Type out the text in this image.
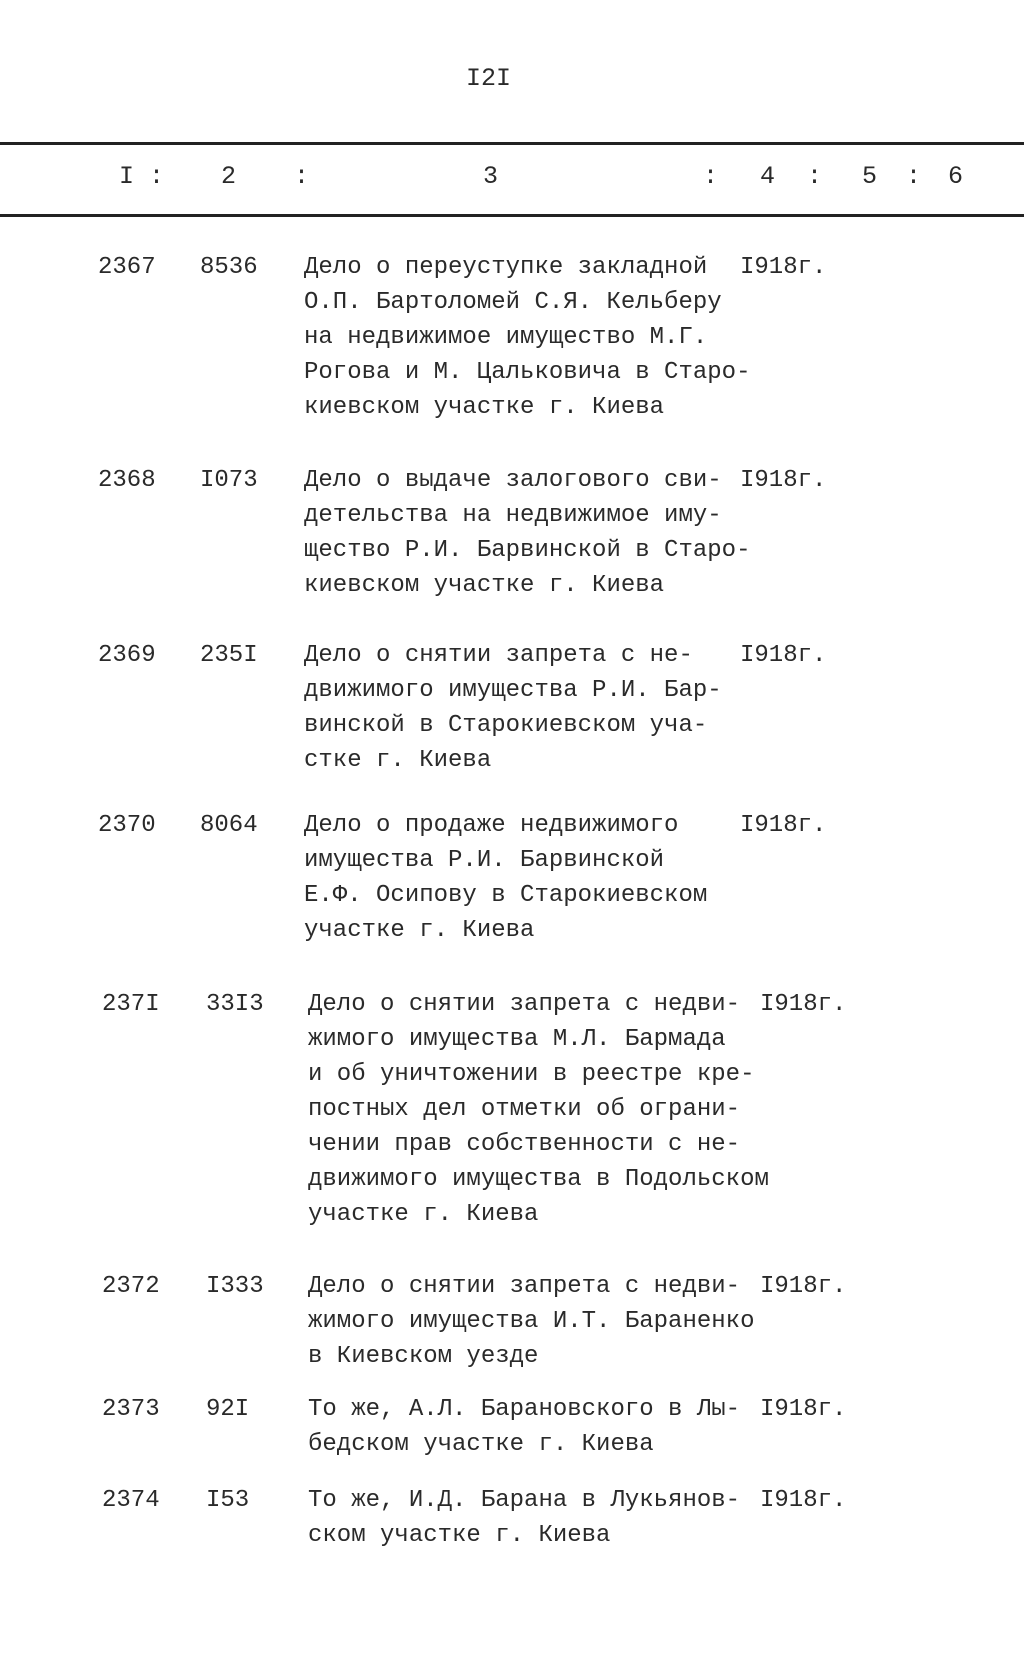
I2I
I : 2 :	3	: 4 : 5 : 6
2367 8536 Дело о переуступке закладной
О.П. Бартоломей С.Я. Кельберу
на недвижимое имущество М.Г.
Рогова и М. Цальковича в Старо-
киевском участке г. Киева
I918г.
2368 I073 Дело о выдаче залогового сви-
детельства на недвижимое иму-
щество Р.И. Барвинской в Старо-
киевском участке г. Киева
I918г.
2369 235I Дело о снятии запрета с не-
движимого имущества Р.И. Бар-
винской в Старокиевском уча-
стке г. Киева
I918г.
2370 8064 Дело о продаже недвижимого
имущества Р.И. Барвинской
Е.Ф. Осипову в Старокиевском
участке г. Киева
I918г.
237I 33I3 Дело о снятии запрета с недви-
жимого имущества М.Л. Бармада
и об уничтожении в реестре кре-
постных дел отметки об ограни-
чении прав собственности с не-
движимого имущества в Подольском
участке г. Киева
I918г.
2372 I333 Дело о снятии запрета с недви-
жимого имущества И.Т. Бараненко
в Киевском уезде
I918г.
2373 92I То же, А.Л. Барановского в Лы-
бедском участке г. Киева
I918г.
2374 I53 То же, И.Д. Барана в Лукьянов-
ском участке г. Киева
I918г.
